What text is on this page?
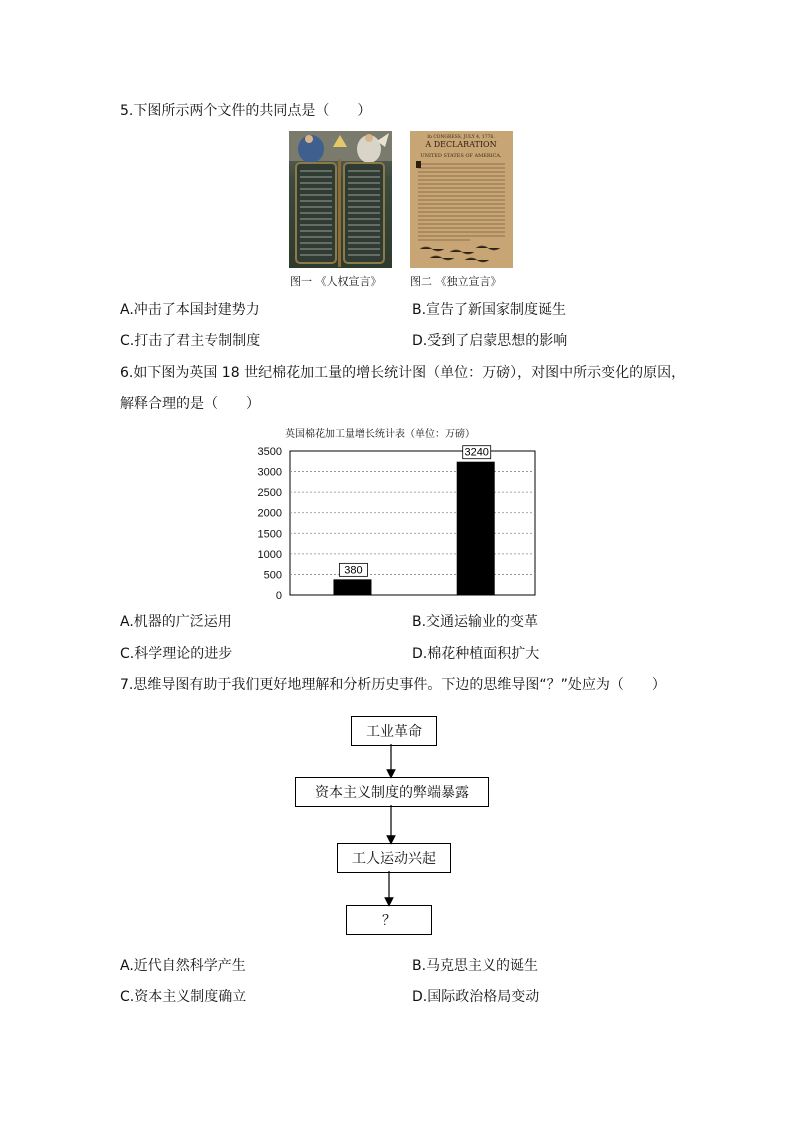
5.下图所示两个文件的共同点是（　　）
In CONGRESS, JULY 4, 1776.
A DECLARATION
UNITED STATES OF AMERICA,
图一 《人权宣言》	图二 《独立宣言》
A.冲击了本国封建势力	B.宣告了新国家制度诞生
C.打击了君主专制制度	D.受到了启蒙思想的影响
6.如下图为英国 18 世纪棉花加工量的增长统计图（单位：万磅），对图中所示变化的原因，
解释合理的是（　　）
英国棉花加工量增长统计表（单位：万磅）
0
500
1000
1500
2000
2500
3000
3500
380
3240
A.机器的广泛运用	B.交通运输业的变革
C.科学理论的进步	D.棉花种植面积扩大
7.思维导图有助于我们更好地理解和分析历史事件。下边的思维导图“？”处应为（　　）
工业革命
资本主义制度的弊端暴露
工人运动兴起
？
A.近代自然科学产生	B.马克思主义的诞生
C.资本主义制度确立	D.国际政治格局变动
